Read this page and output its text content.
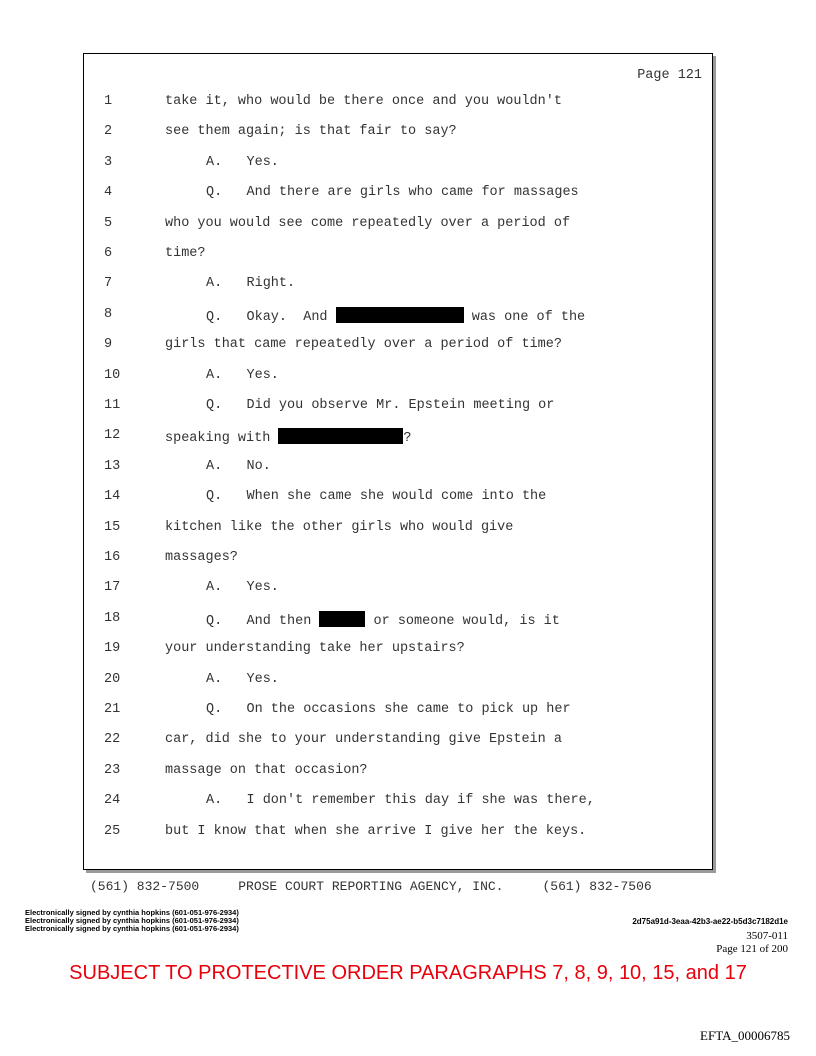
Page 121
1	take it, who would be there once and you wouldn't
2	see them again; is that fair to say?
3	A.   Yes.
4	Q.   And there are girls who came for massages
5	who you would see come repeatedly over a period of
6	time?
7	A.   Right.
8	Q.   Okay.  And	was one of the
9	girls that came repeatedly over a period of time?
10	A.   Yes.
11	Q.   Did you observe Mr. Epstein meeting or
12	speaking with	?
13	A.   No.
14	Q.   When she came she would come into the
15	kitchen like the other girls who would give
16	massages?
17	A.   Yes.
18	Q.   And then	or someone would, is it
19	your understanding take her upstairs?
20	A.   Yes.
21	Q.   On the occasions she came to pick up her
22	car, did she to your understanding give Epstein a
23	massage on that occasion?
24	A.   I don't remember this day if she was there,
25	but I know that when she arrive I give her the keys.
(561) 832-7500     PROSE COURT REPORTING AGENCY, INC.     (561) 832-7506
Electronically signed by cynthia hopkins (601-051-976-2934)
Electronically signed by cynthia hopkins (601-051-976-2934)
Electronically signed by cynthia hopkins (601-051-976-2934)
2d75a91d-3eaa-42b3-ae22-b5d3c7182d1e
3507-011
Page 121 of 200
SUBJECT TO PROTECTIVE ORDER PARAGRAPHS 7, 8, 9, 10, 15, and 17
EFTA_00006785
